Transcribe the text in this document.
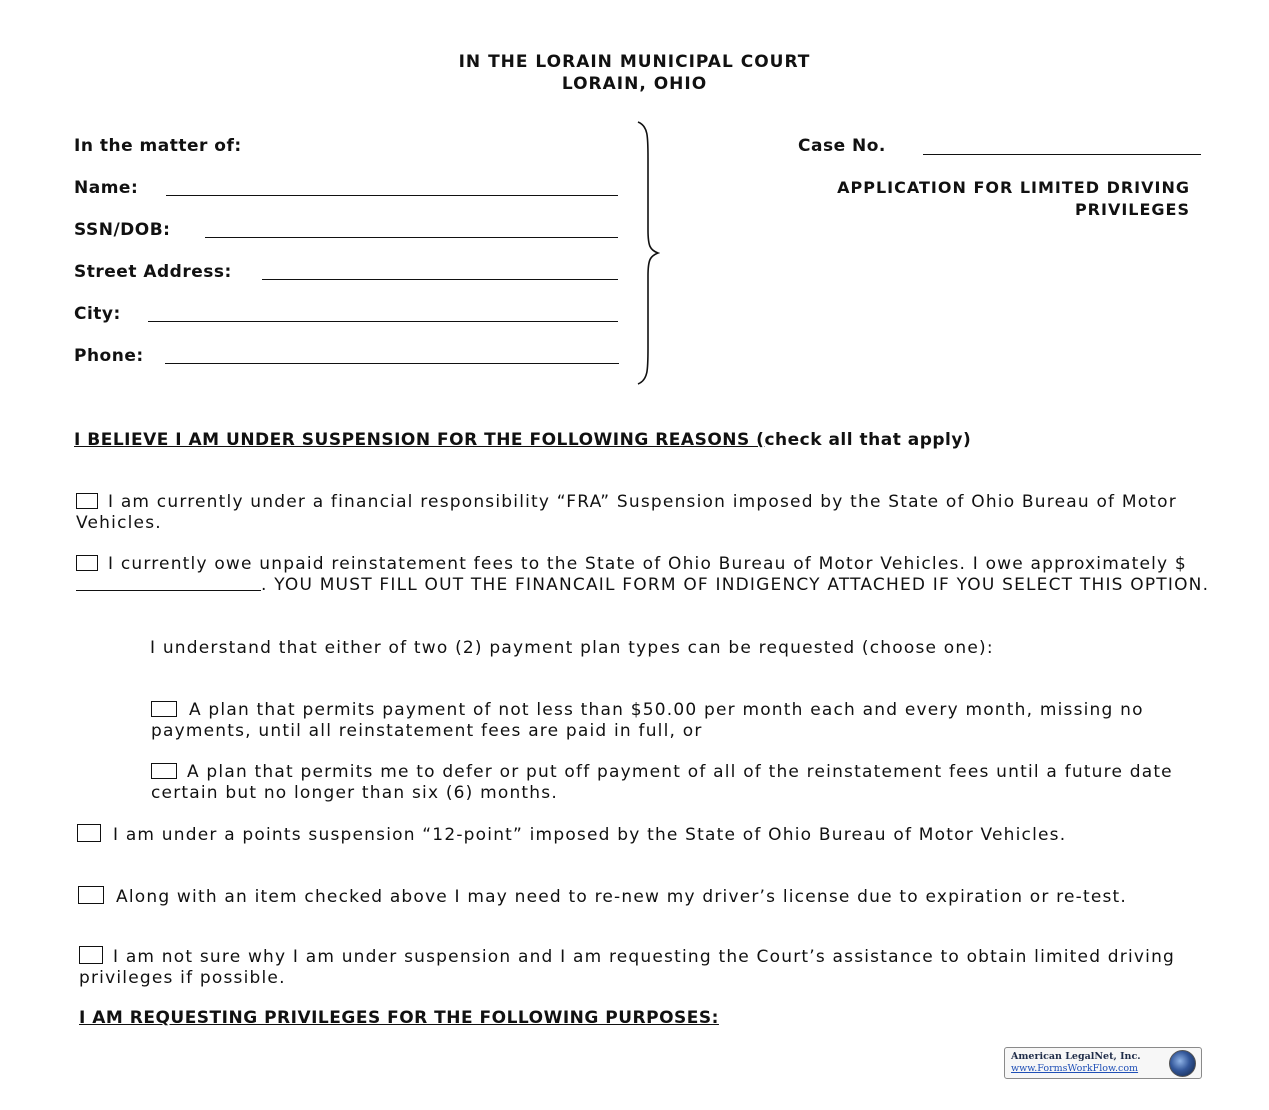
IN THE LORAIN MUNICIPAL COURT
LORAIN, OHIO
In the matter of:
Name:
SSN/DOB:
Street Address:
City:
Phone:
Case No.
APPLICATION FOR LIMITED DRIVING
PRIVILEGES
I BELIEVE I AM UNDER SUSPENSION FOR THE FOLLOWING REASONS (check all that apply)
I am currently under a financial responsibility “FRA” Suspension imposed by the State of Ohio Bureau of Motor Vehicles.
I currently owe unpaid reinstatement fees to the State of Ohio Bureau of Motor Vehicles. I owe approximately $. YOU MUST FILL OUT THE FINANCAIL FORM OF INDIGENCY ATTACHED IF YOU SELECT THIS OPTION.
I understand that either of two (2) payment plan types can be requested (choose one):
A plan that permits payment of not less than $50.00 per month each and every month, missing no payments, until all reinstatement fees are paid in full, or
A plan that permits me to defer or put off payment of all of the reinstatement fees until a future date certain but no longer than six (6) months.
I am under a points suspension “12-point” imposed by the State of Ohio Bureau of Motor Vehicles.
Along with an item checked above I may need to re-new my driver’s license due to expiration or re-test.
I am not sure why I am under suspension and I am requesting the Court’s assistance to obtain limited driving privileges if possible.
I AM REQUESTING PRIVILEGES FOR THE FOLLOWING PURPOSES:
American LegalNet, Inc.
www.FormsWorkFlow.com
